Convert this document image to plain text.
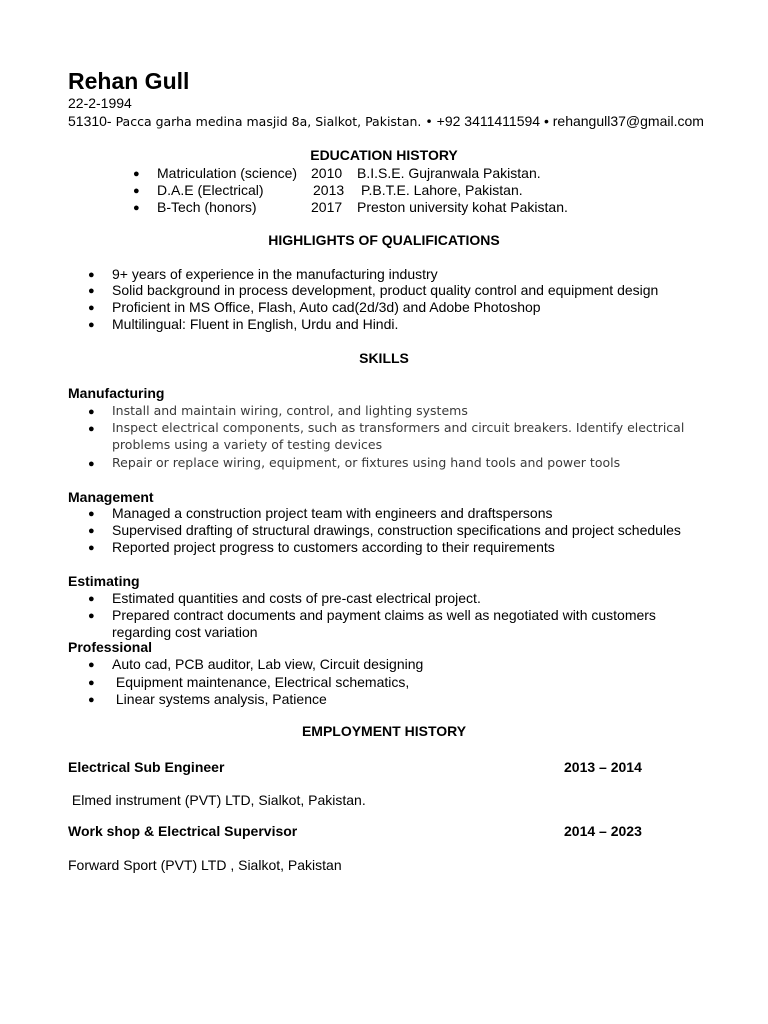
Rehan Gull
22-2-1994
51310- Pacca garha medina masjid 8a, Sialkot, Pakistan. • +92 3411411594 • rehangull37@gmail.com
EDUCATION HISTORY
● Matriculation (science) 2010 B.I.S.E. Gujranwala Pakistan.
● D.A.E (Electrical)	2013 P.B.T.E. Lahore, Pakistan.
● B-Tech (honors)	2017 Preston university kohat Pakistan.
HIGHLIGHTS OF QUALIFICATIONS
● 9+ years of experience in the manufacturing industry
● Solid background in process development, product quality control and equipment design
● Proficient in MS Office, Flash, Auto cad(2d/3d) and Adobe Photoshop
● Multilingual: Fluent in English, Urdu and Hindi.
SKILLS
Manufacturing
● Install and maintain wiring, control, and lighting systems
● Inspect electrical components, such as transformers and circuit breakers. Identify electrical
problems using a variety of testing devices
● Repair or replace wiring, equipment, or fixtures using hand tools and power tools
Management
● Managed a construction project team with engineers and draftspersons
● Supervised drafting of structural drawings, construction specifications and project schedules
● Reported project progress to customers according to their requirements
Estimating
● Estimated quantities and costs of pre-cast electrical project.
● Prepared contract documents and payment claims as well as negotiated with customers
regarding cost variation
Professional
● Auto cad, PCB auditor, Lab view, Circuit designing
● Equipment maintenance, Electrical schematics,
● Linear systems analysis, Patience
EMPLOYMENT HISTORY
Electrical Sub Engineer	2013 – 2014
Elmed instrument (PVT) LTD, Sialkot, Pakistan.
Work shop & Electrical Supervisor	2014 – 2023
Forward Sport (PVT) LTD , Sialkot, Pakistan
